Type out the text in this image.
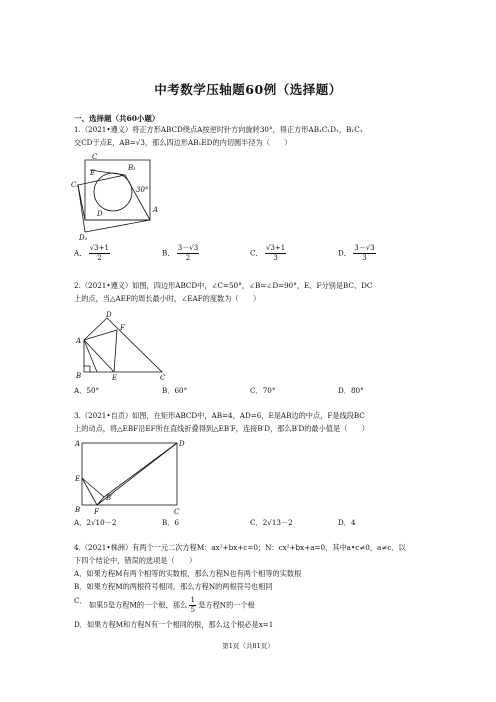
中考数学压轴题60例（选择题）
一、选择题（共60小题）
1.（2021•遵义）将正方形ABCD绕点A按逆时针方向旋转30°，得正方形AB₁C₁D₁，B₁C₁
交CD于点E，AB=√3，那么四边形AB₁ED的内切圆半径为（　　）
C
B₁
E
C₁
30°
D	A
D₁
A． $\frac{√3+1}{2}$	B． $\frac{3-√3}{2}$	C． $\frac{√3+1}{3}$	D． $\frac{3-√3}{3}$
2.（2021•遵义）如图，四边形ABCD中，∠C=50°，∠B=∠D=90°，E、F分别是BC、DC
上的点，当△AEF的周长最小时，∠EAF的度数为（　　）
D
F
A
B	E	C
A．50°	B．60°	C．70°	D．80°
3.（2021•自贡）如图，在矩形ABCD中，AB=4，AD=6，E是AB边的中点，F是线段BC
上的动点，将△EBF沿EF所在直线折叠得到△EB′F，连接B′D，那么B′D的最小值是（　　）
A	D
E
B′
B F	C
A．2√10－2	B．6	C．2√13－2	D．4
4.（2021•株洲）有两个一元二次方程M：ax²+bx+c=0；N：cx²+bx+a=0，其中a•c≠0，a≠c．以
下四个结论中，错误的选项是（　　）
A．如果方程M有两个相等的实数根，那么方程N也有两个相等的实数根
B．如果方程M的两根符号相同，那么方程N的两根符号也相同
C． 如果5是方程M的一个根，那么 $\frac{1}{5}$ 是方程N的一个根
D．如果方程M和方程N有一个相同的根，那么这个根必是x=1
第1页（共81页）
